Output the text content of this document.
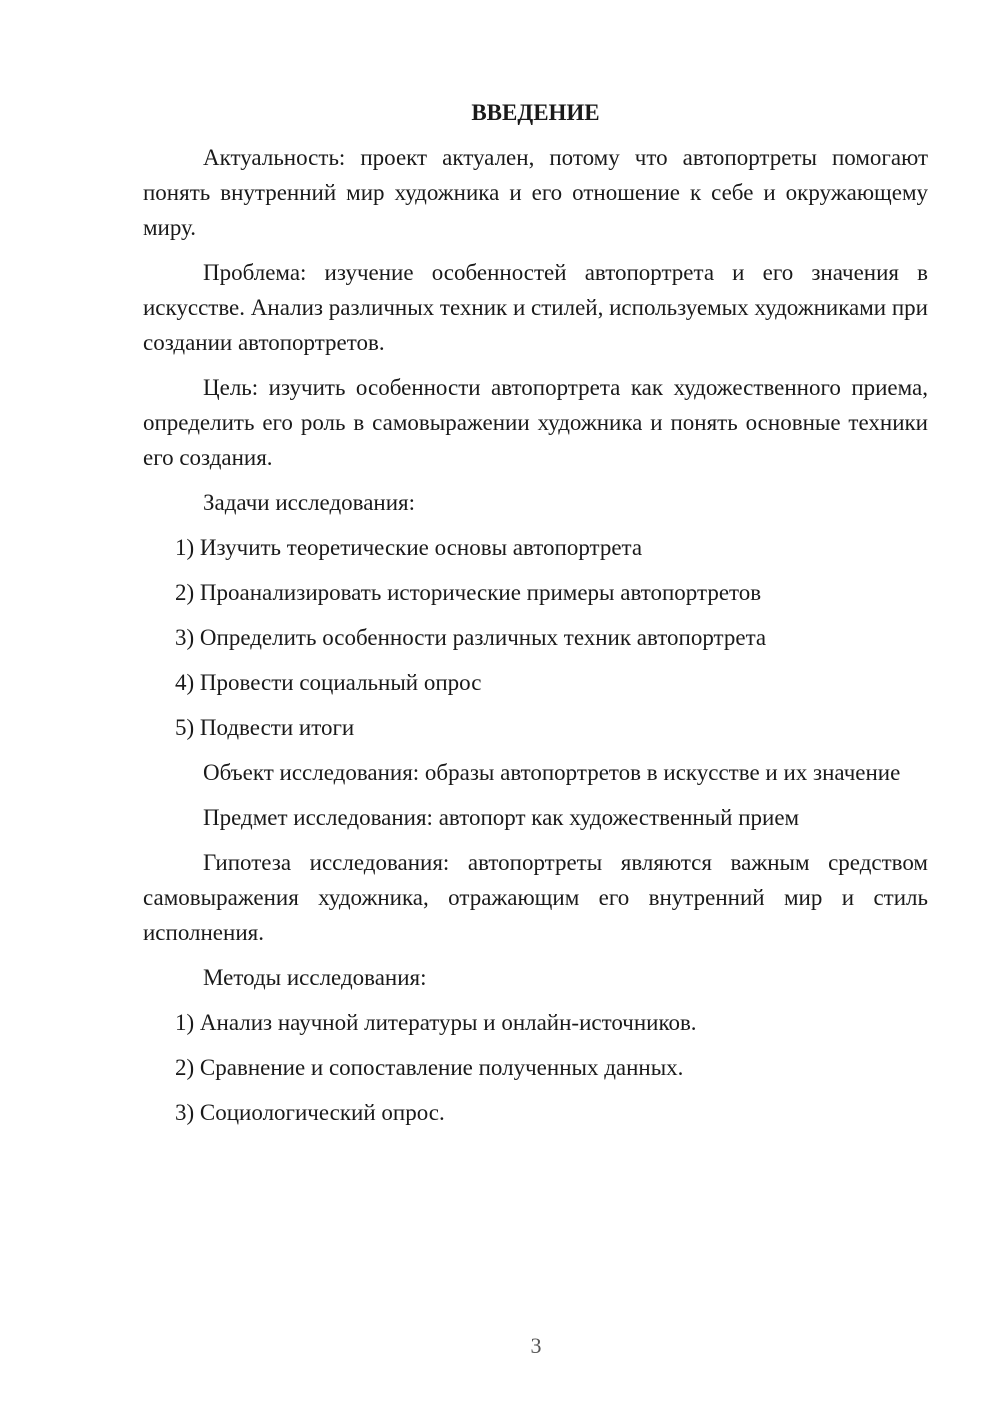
ВВЕДЕНИЕ

Актуальность: проект актуален, потому что автопортреты помогают понять внутренний мир художника и его отношение к себе и окружающему миру.

Проблема: изучение особенностей автопортрета и его значения в искусстве. Анализ различных техник и стилей, используемых художниками при создании автопортретов.

Цель: изучить особенности автопортрета как художественного приема, определить его роль в самовыражении художника и понять основные техники его создания.

Задачи исследования:

1) Изучить теоретические основы автопортрета

2) Проанализировать исторические примеры автопортретов

3) Определить особенности различных техник автопортрета

4) Провести социальный опрос

5) Подвести итоги

Объект исследования: образы автопортретов в искусстве и их значение

Предмет исследования: автопорт как художественный прием

Гипотеза исследования: автопортреты являются важным средством самовыражения художника, отражающим его внутренний мир и стиль исполнения.

Методы исследования:

1) Анализ научной литературы и онлайн-источников.

2) Сравнение и сопоставление полученных данных.

3) Социологический опрос.

3
